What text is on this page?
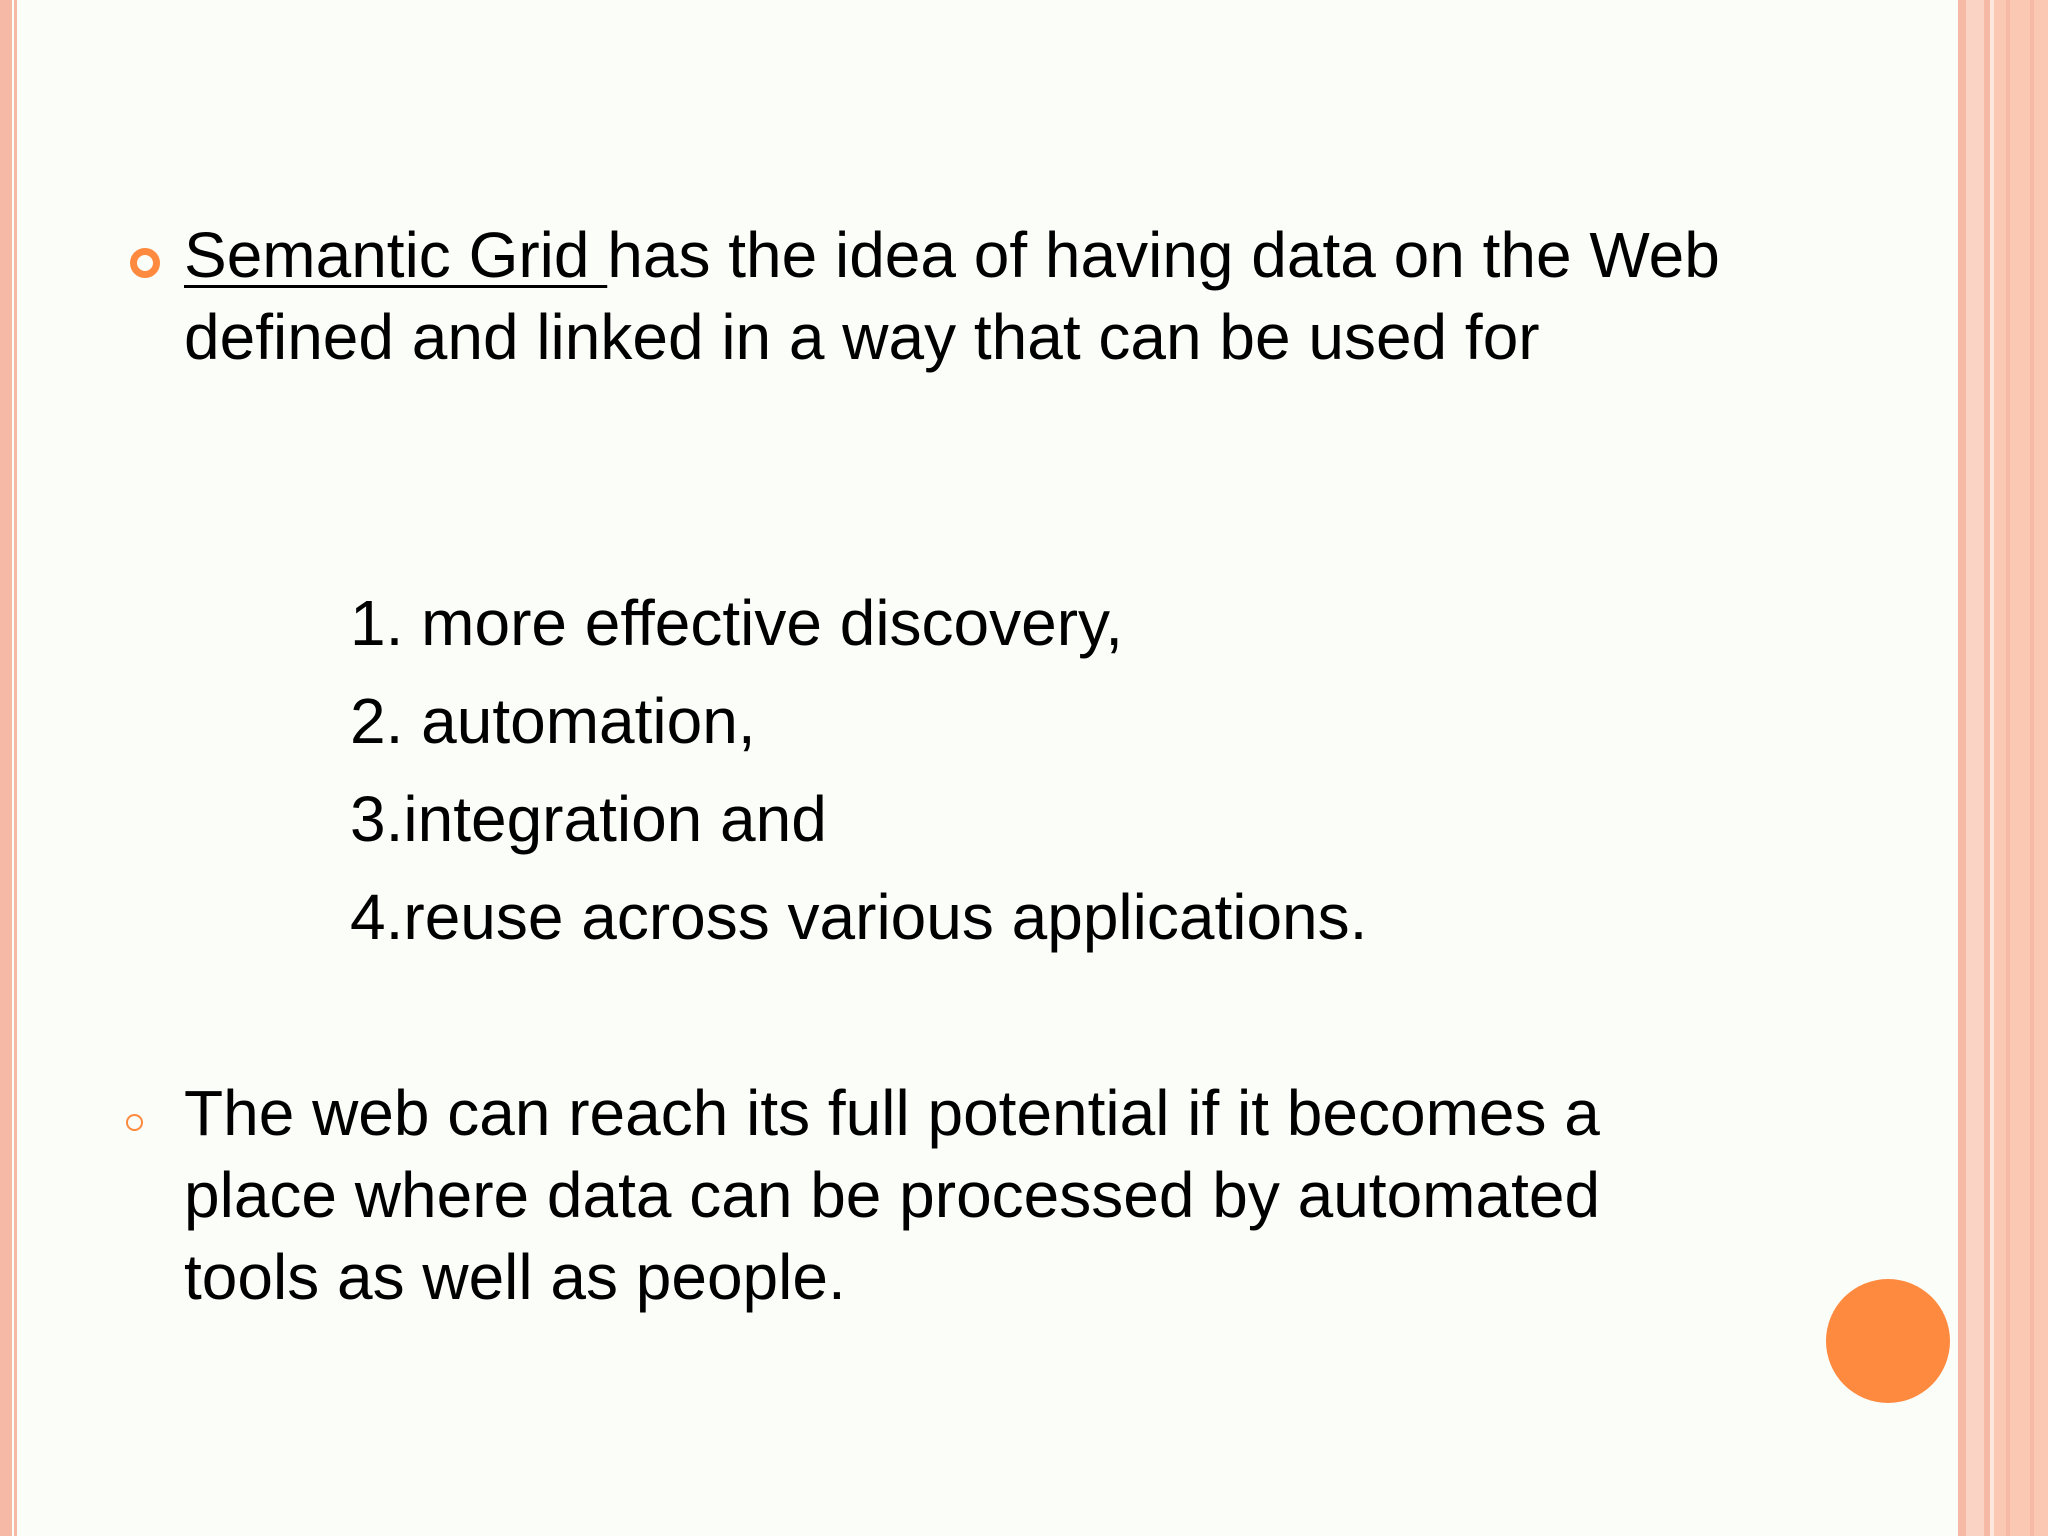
Semantic Grid has the idea of having data on the Web defined and linked in a way that can be used for
1. more effective discovery,
2. automation,
3.integration and
4.reuse across various applications.
The web can reach its full potential if it becomes a place where data can be processed by automated tools as well as people.
